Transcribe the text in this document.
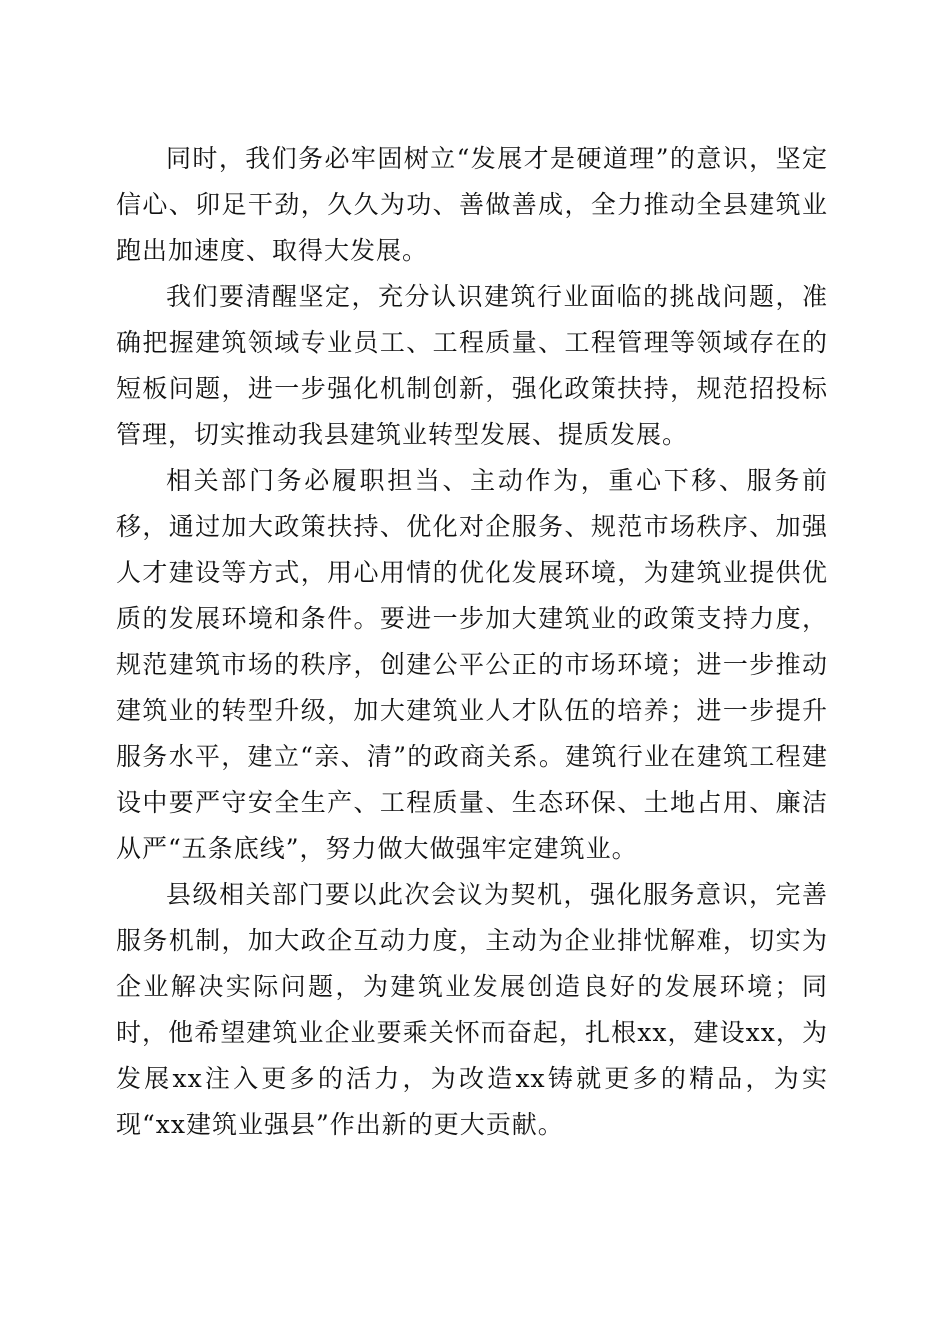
同时，我们务必牢固树立“发展才是硬道理”的意识，坚定信心、卯足干劲，久久为功、善做善成，全力推动全县建筑业跑出加速度、取得大发展。

我们要清醒坚定，充分认识建筑行业面临的挑战问题，准确把握建筑领域专业员工、工程质量、工程管理等领域存在的短板问题，进一步强化机制创新，强化政策扶持，规范招投标管理，切实推动我县建筑业转型发展、提质发展。

相关部门务必履职担当、主动作为，重心下移、服务前移，通过加大政策扶持、优化对企服务、规范市场秩序、加强人才建设等方式，用心用情的优化发展环境，为建筑业提供优质的发展环境和条件。要进一步加大建筑业的政策支持力度，规范建筑市场的秩序，创建公平公正的市场环境；进一步推动建筑业的转型升级，加大建筑业人才队伍的培养；进一步提升服务水平，建立“亲、清”的政商关系。建筑行业在建筑工程建设中要严守安全生产、工程质量、生态环保、土地占用、廉洁从严“五条底线”，努力做大做强牢定建筑业。

县级相关部门要以此次会议为契机，强化服务意识，完善服务机制，加大政企互动力度，主动为企业排忧解难，切实为企业解决实际问题，为建筑业发展创造良好的发展环境；同时，他希望建筑业企业要乘关怀而奋起，扎根xx，建设xx，为发展xx注入更多的活力，为改造xx铸就更多的精品，为实现“xx建筑业强县”作出新的更大贡献。
